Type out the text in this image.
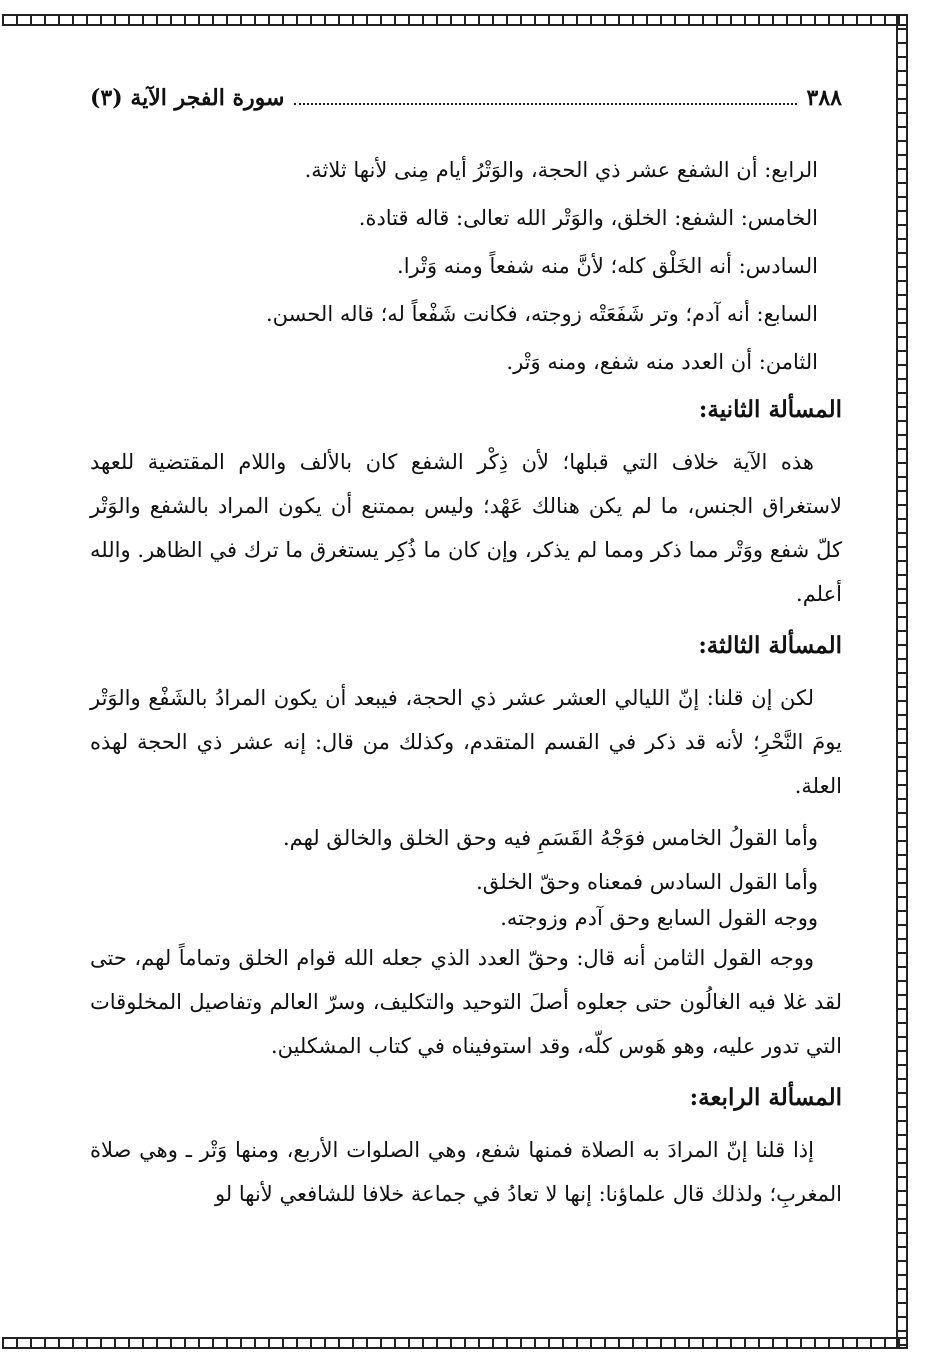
٣٨٨
سورة الفجر الآية (٣)

الرابع: أن الشفع عشر ذي الحجة، والوَتْرُ أيام مِنى لأنها ثلاثة.

الخامس: الشفع: الخلق، والوَتْر الله تعالى: قاله قتادة.

السادس: أنه الخَلْق كله؛ لأنَّ منه شفعاً ومنه وَتْرا.

السابع: أنه آدم؛ وتر شَفَعَتْه زوجته، فكانت شَفْعاً له؛ قاله الحسن.

الثامن: أن العدد منه شفع، ومنه وَتْر.

المسألة الثانية:

هذه الآية خلاف التي قبلها؛ لأن ذِكْر الشفع كان بالألف واللام المقتضية للعهد لاستغراق الجنس، ما لم يكن هنالك عَهْد؛ وليس بممتنع أن يكون المراد بالشفع والوَتْر كلّ شفع ووَتْر مما ذكر ومما لم يذكر، وإن كان ما ذُكِر يستغرق ما ترك في الظاهر. والله أعلم.

المسألة الثالثة:

لكن إن قلنا: إنّ الليالي العشر عشر ذي الحجة، فيبعد أن يكون المرادُ بالشَفْع والوَتْر يومَ النَّحْرِ؛ لأنه قد ذكر في القسم المتقدم، وكذلك من قال: إنه عشر ذي الحجة لهذه العلة.

وأما القولُ الخامس فوَجْهُ القَسَمِ فيه وحق الخلق والخالق لهم.

وأما القول السادس فمعناه وحقّ الخلق.

ووجه القول السابع وحق آدم وزوجته.

ووجه القول الثامن أنه قال: وحقّ العدد الذي جعله الله قوام الخلق وتماماً لهم، حتى لقد غلا فيه الغالُون حتى جعلوه أصلَ التوحيد والتكليف، وسرّ العالم وتفاصيل المخلوقات التي تدور عليه، وهو هَوس كلّه، وقد استوفيناه في كتاب المشكلين.

المسألة الرابعة:

إذا قلنا إنّ المرادَ به الصلاة فمنها شفع، وهي الصلوات الأربع، ومنها وَتْر ـ وهي صلاة المغربِ؛ ولذلك قال علماؤنا: إنها لا تعادُ في جماعة خلافا للشافعي لأنها لو
